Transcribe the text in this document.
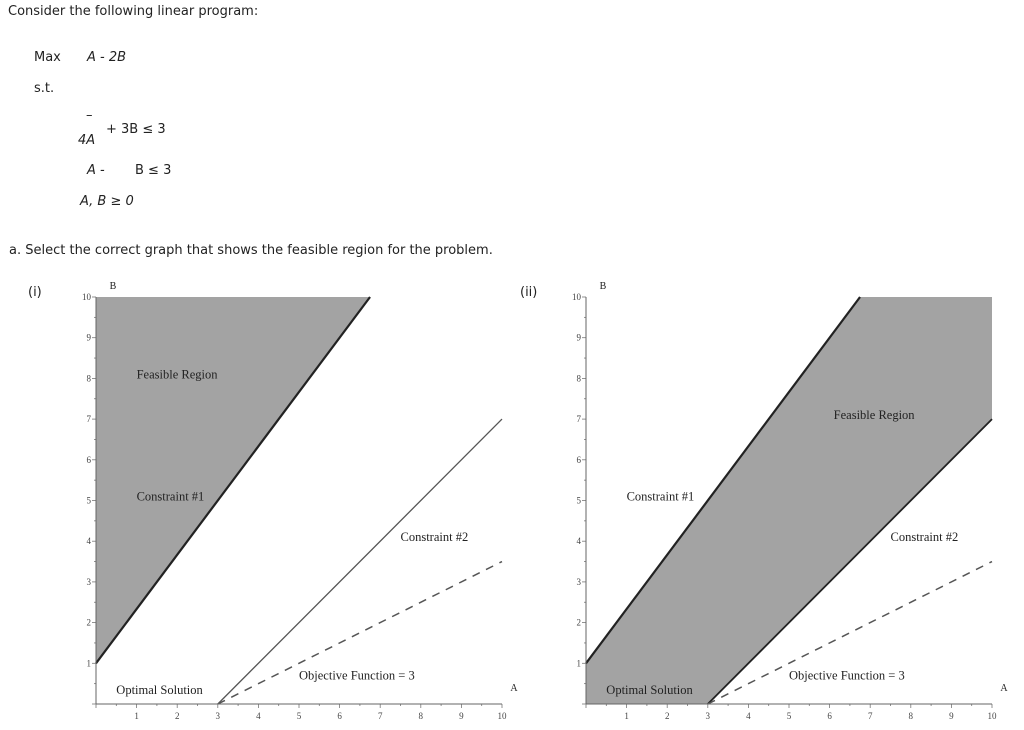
Consider the following linear program:
Max A - 2B
s.t.
–
4A
+ 3B ≤ 3
A - B ≤ 3
A, B ≥ 0
a. Select the correct graph that shows the feasible region for the problem.
(i)	(ii)
1	2	3	4	5	6	7	8	9	10
1
2
3
4
5
6
7
8
9
10
B
A
Feasible Region
Constraint #1
Constraint #2
Objective Function = 3
Optimal Solution
1	2	3	4	5	6	7	8	9	10
1
2
3
4
5
6
7
8
9
10
B
A
Feasible Region
Constraint #1
Constraint #2
Objective Function = 3
Optimal Solution
